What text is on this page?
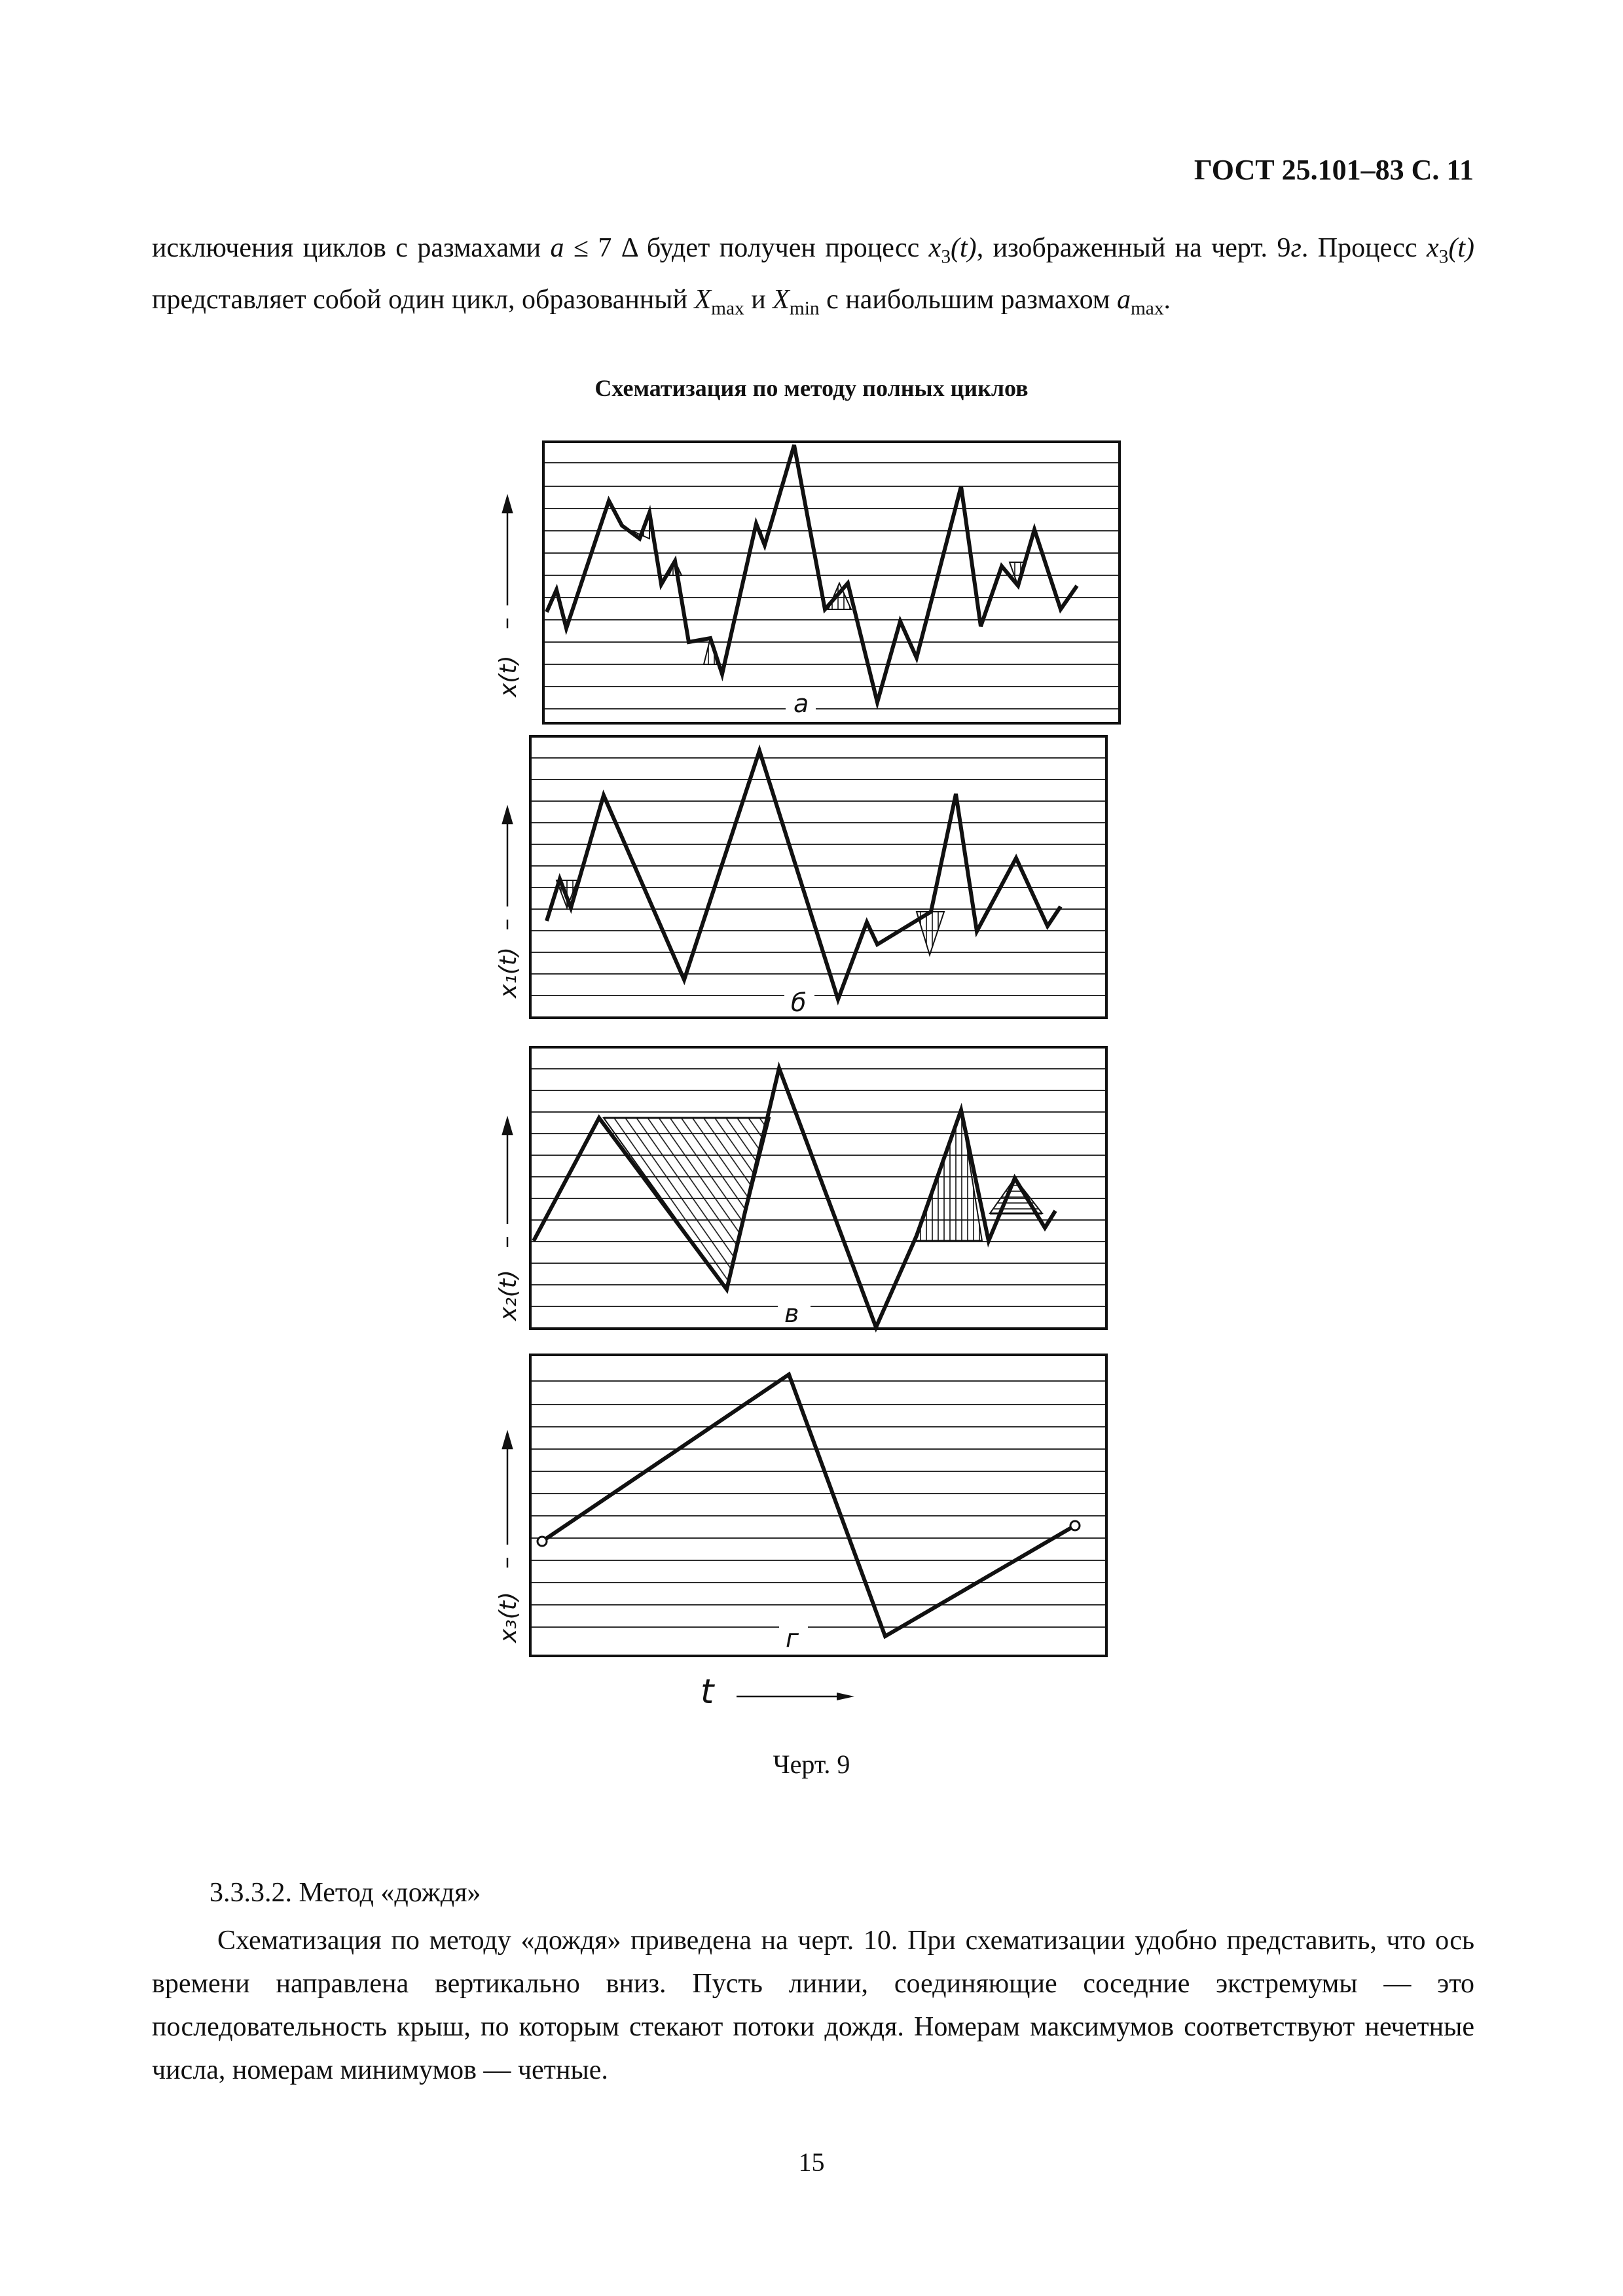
ГОСТ 25.101–83 С. 11
исключения циклов с размахами a ≤ 7 Δ будет получен процесс $x_3(t)$, изображенный на черт. 9г. Процесс $x_3(t)$ представляет собой один цикл, образованный $X_{max}$ и $X_{min}$ с наибольшим размахом $a_{max}$.
Схематизация по методу полных циклов
x(t)
a
x₁(t)
б
x₂(t)	в
x₃(t)	г
t
Черт. 9
3.3.3.2. Метод «дождя»
Схематизация по методу «дождя» приведена на черт. 10. При схематизации удобно представить, что ось времени направлена вертикально вниз. Пусть линии, соединяющие соседние экстремумы — это последовательность крыш, по которым стекают потоки дождя. Номерам максимумов соответствуют нечетные числа, номерам минимумов — четные.
15
